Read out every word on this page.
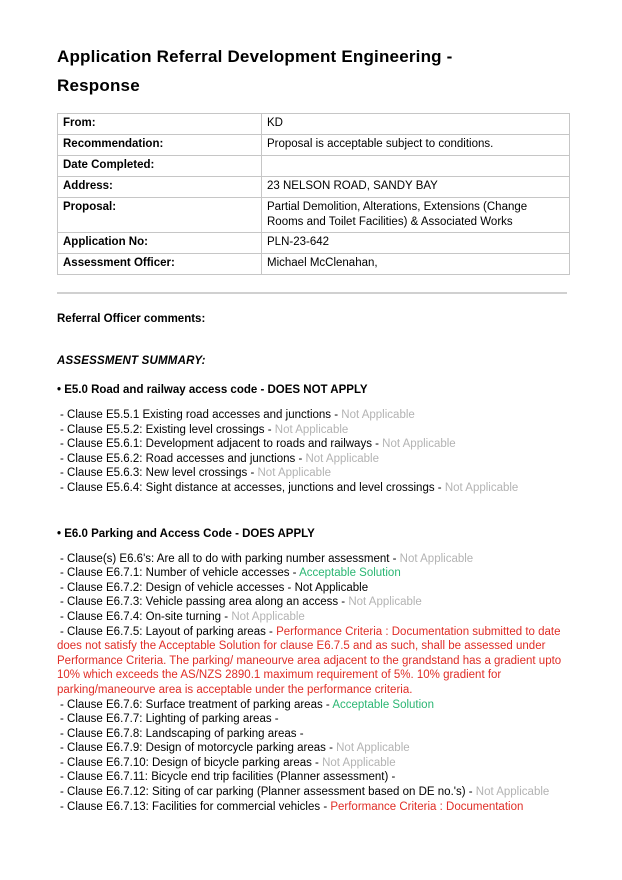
Application Referral Development Engineering - Response
From:	KD
Recommendation:	Proposal is acceptable subject to conditions.
Date Completed:	
Address:	23 NELSON ROAD, SANDY BAY
Proposal:	Partial Demolition, Alterations, Extensions (Change Rooms and Toilet Facilities) & Associated Works
Application No:	PLN-23-642
Assessment Officer:	Michael McClenahan,
Referral Officer comments:
ASSESSMENT SUMMARY:
• E5.0 Road and railway access code - DOES NOT APPLY
- Clause E5.5.1 Existing road accesses and junctions - Not Applicable
- Clause E5.5.2: Existing level crossings - Not Applicable
- Clause E5.6.1: Development adjacent to roads and railways - Not Applicable
- Clause E5.6.2: Road accesses and junctions - Not Applicable
- Clause E5.6.3: New level crossings - Not Applicable
- Clause E5.6.4: Sight distance at accesses, junctions and level crossings - Not Applicable
• E6.0 Parking and Access Code - DOES APPLY
- Clause(s) E6.6's: Are all to do with parking number assessment - Not Applicable
- Clause E6.7.1: Number of vehicle accesses - Acceptable Solution
- Clause E6.7.2: Design of vehicle accesses - Not Applicable
- Clause E6.7.3: Vehicle passing area along an access - Not Applicable
- Clause E6.7.4: On-site turning - Not Applicable
- Clause E6.7.5: Layout of parking areas - Performance Criteria : Documentation submitted to date does not satisfy the Acceptable Solution for clause E6.7.5 and as such, shall be assessed under Performance Criteria. The parking/ maneourve area adjacent to the grandstand has a gradient upto 10% which exceeds the AS/NZS 2890.1 maximum requirement of 5%. 10% gradient for parking/maneourve area is acceptable under the performance criteria.
- Clause E6.7.6: Surface treatment of parking areas - Acceptable Solution
- Clause E6.7.7: Lighting of parking areas -
- Clause E6.7.8: Landscaping of parking areas -
- Clause E6.7.9: Design of motorcycle parking areas - Not Applicable
- Clause E6.7.10: Design of bicycle parking areas - Not Applicable
- Clause E6.7.11: Bicycle end trip facilities (Planner assessment) -
- Clause E6.7.12: Siting of car parking (Planner assessment based on DE no.'s) - Not Applicable
- Clause E6.7.13: Facilities for commercial vehicles - Performance Criteria : Documentation
